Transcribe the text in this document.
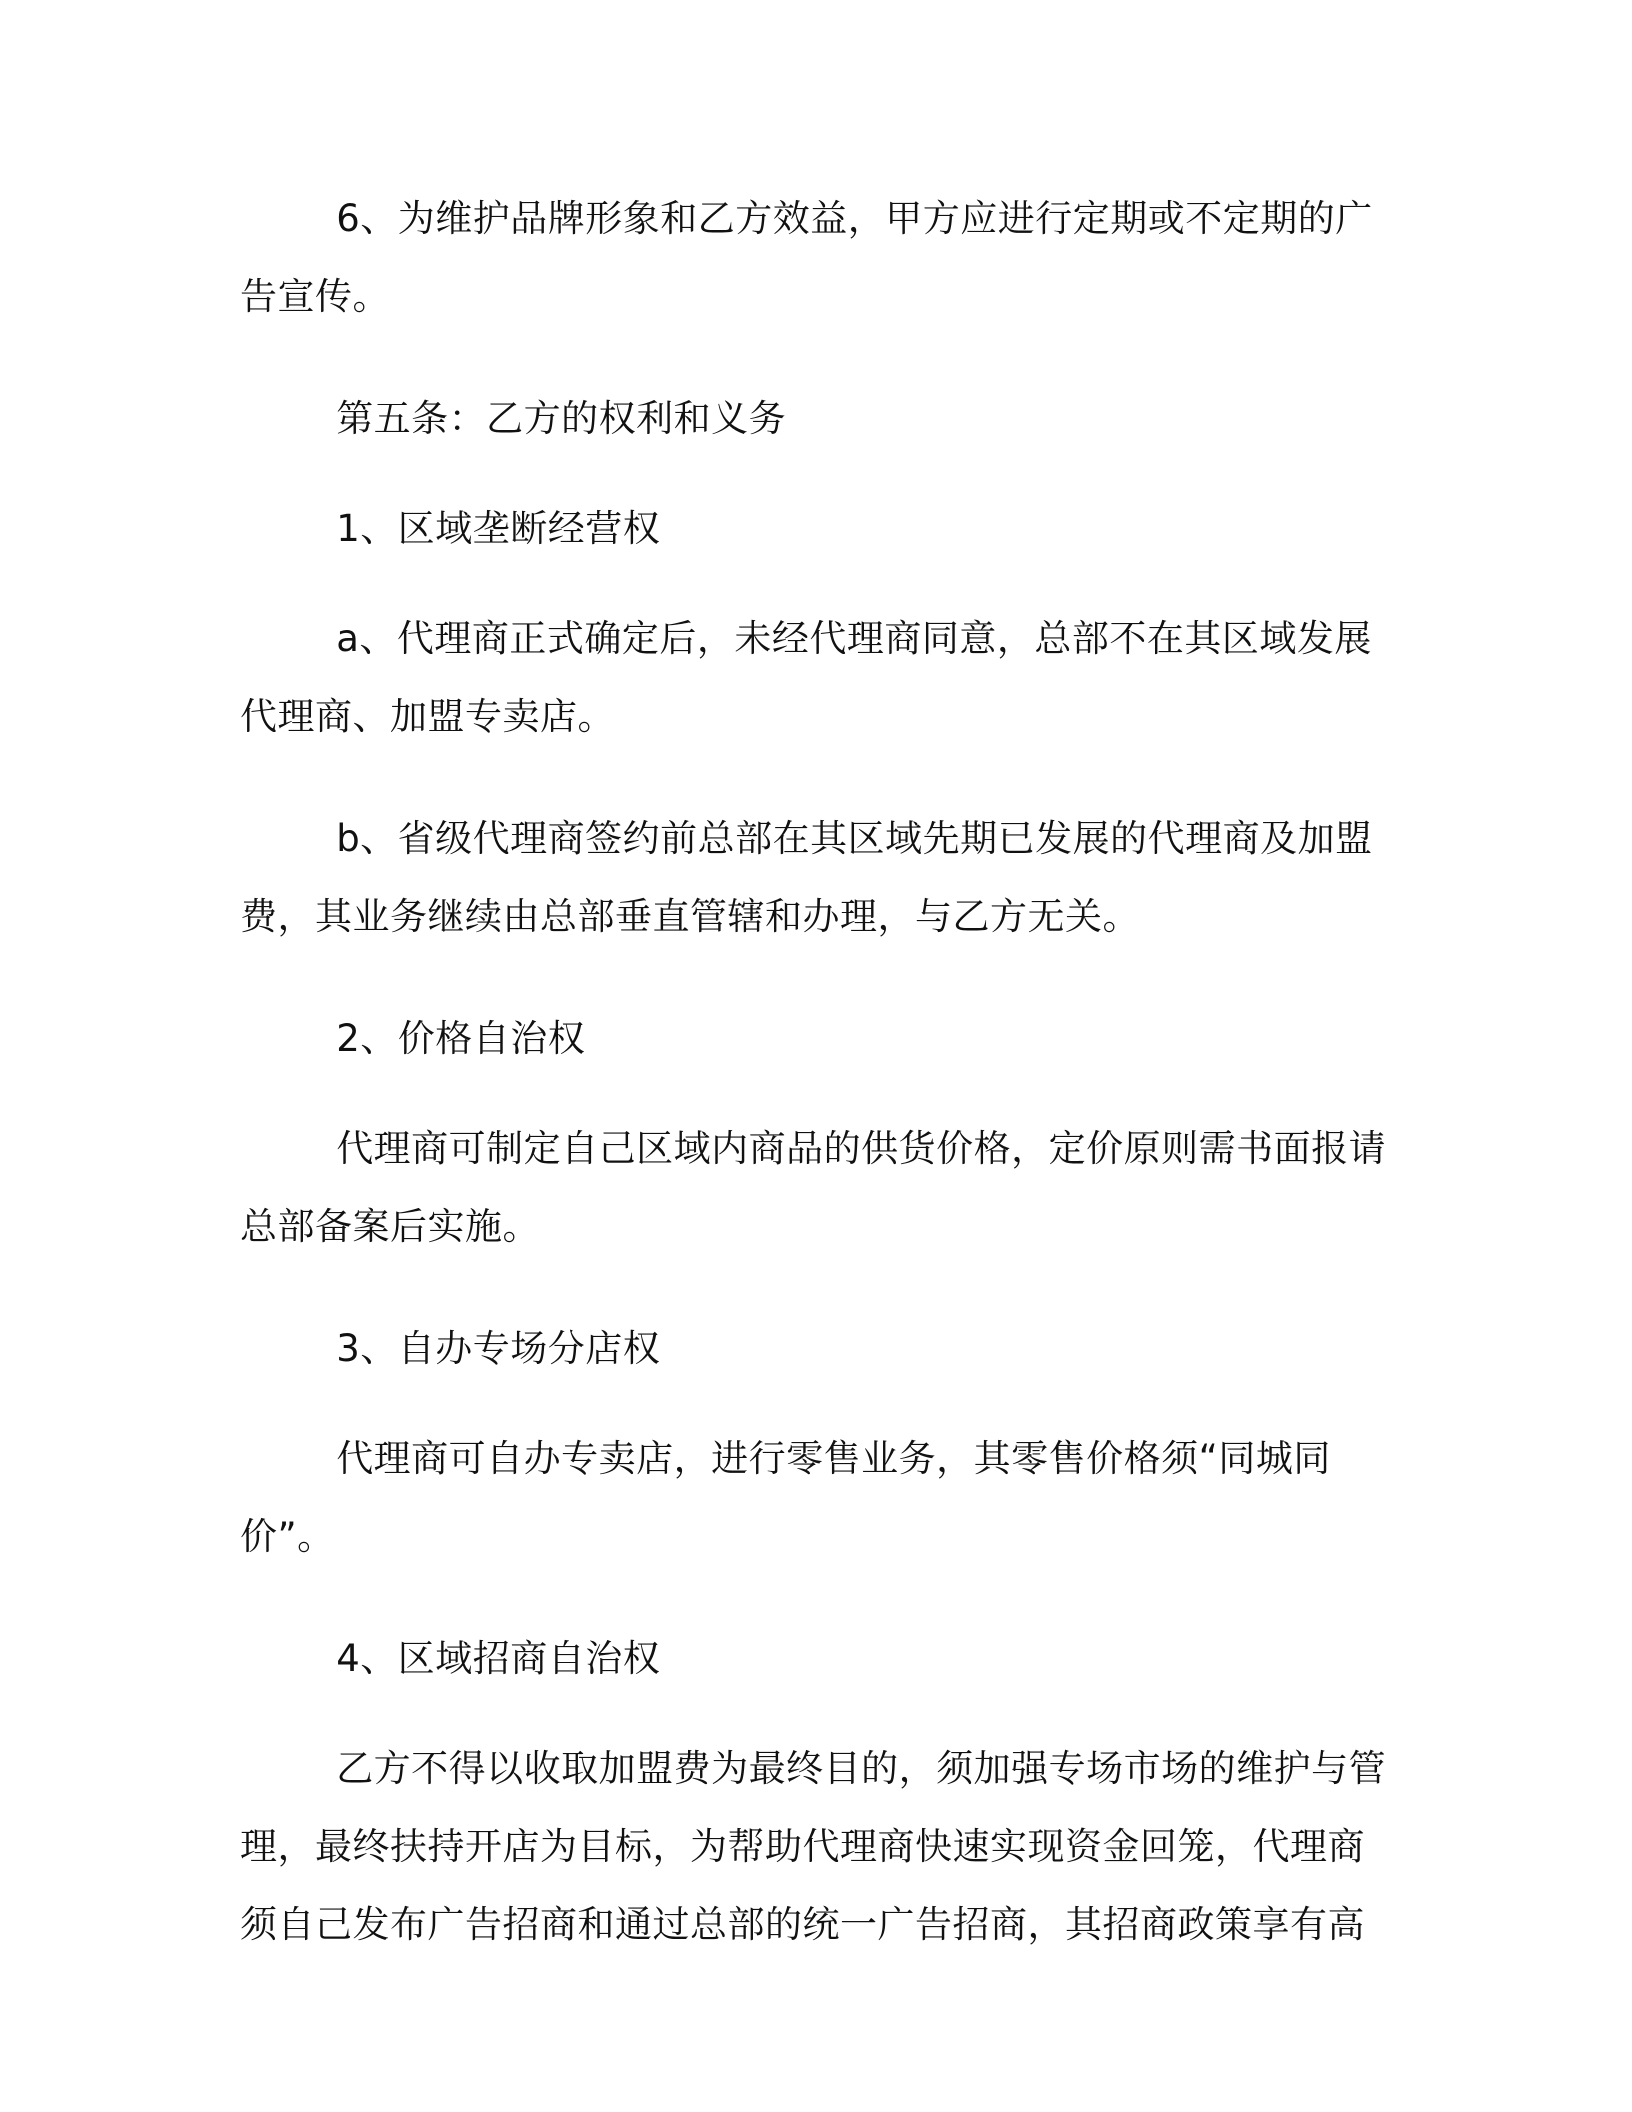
6、为维护品牌形象和乙方效益，甲方应进行定期或不定期的广告宣传。

第五条：乙方的权利和义务

1、区域垄断经营权

a、代理商正式确定后，未经代理商同意，总部不在其区域发展代理商、加盟专卖店。

b、省级代理商签约前总部在其区域先期已发展的代理商及加盟费，其业务继续由总部垂直管辖和办理，与乙方无关。

2、价格自治权

代理商可制定自己区域内商品的供货价格，定价原则需书面报请总部备案后实施。

3、自办专场分店权

代理商可自办专卖店，进行零售业务，其零售价格须“同城同价”。

4、区域招商自治权

乙方不得以收取加盟费为最终目的，须加强专场市场的维护与管理，最终扶持开店为目标，为帮助代理商快速实现资金回笼，代理商须自己发布广告招商和通过总部的统一广告招商，其招商政策享有高
